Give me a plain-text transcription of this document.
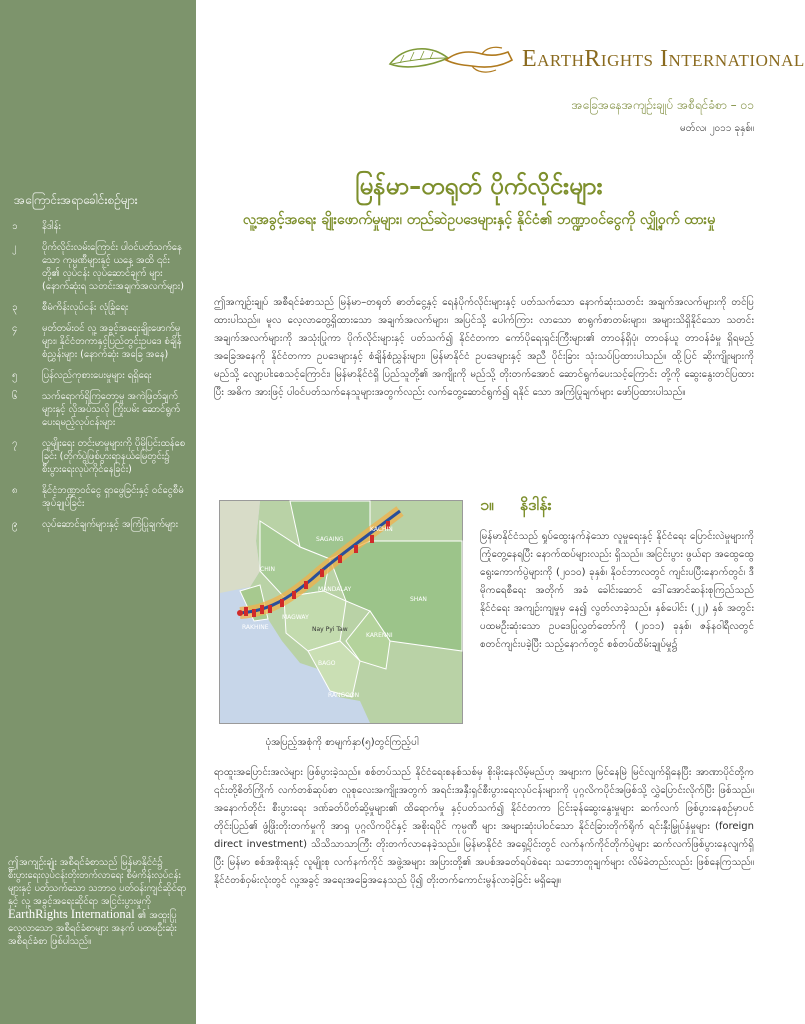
အကြောင်းအရာခေါင်းစဉ်များ
၁	နိဒါန်း
၂	ပိုက်လိုင်းလမ်းကြောင်း ပါဝင်ပတ်သက်နေသော ကုမ္ပဏီများနှင့် ယနေ့ အထိ ၎င်းတို့၏ လုပ်ငန်း လုပ်ဆောင်ချက် များ (နောက်ဆုံးရ သတင်းအချက်အလက်များ)
၃	စီမံကိန်းလုပ်ငန်း လုံခြုံရေး
၄	မှတ်တမ်းဝင် လူ့ အခွင့်အရေးချိုးဖောက်မှုများ၊ နိုင်ငံတကာနှင့်ပြည်တွင်းဥပဒေ စံချိန်စံညွှန်းများ (နောက်ဆုံး အခြေ အနေ)
၅	ပြန်လည်ကုစားပေးမှုများ ရရှိရေး
၆	သက်ရောက်ရှိကြတော့မူ အကဲဖြတ်ချက်များနှင့် လိုအပ်သလို ကြိုးပမ်း ဆောင်ရွက်ပေးရမည့်လုပ်ငန်းများ
၇	လူမျိုးရေး တင်းမာမှုများကို ပိုမိုပြင်းထန်စေခြင်း (တိုက်ပွဲဖြစ်ပွားရာနယ်မြေတွင်း၌ စီးပွားရေးလုပ်ကိုင်နေခြင်း)
၈	နိုင်ငံ့ဘဏ္ဍာဝင်ငွေ ရှာဖွေခြင်းနှင့် ဝင်ငွေစီမံအုပ်ချုပ်ခြင်း
၉	လုပ်ဆောင်ချက်များနှင့် အကြံပြုချက်များ
ဤအကျဉ်းချုံး အစီရင်ခံစာသည် မြန်မာနိုင်ငံ၌ စီးပွားရေးလုပ်ငန်းတိုးတက်လာရေး စီမံကိန်းလုပ်ငန်းများနှင့် ပတ်သက်သော သဘာဝ ပတ်ဝန်းကျင်ဆိုင်ရာနှင့် လူ့ အခွင့်အရေးဆိုင်ရာ အငြင်းပွားမှုကို EarthRights International ၏ အထူးပြု လေ့လာသော အစီရင်ခံစာများ အနက် ပထမဦးဆုံး အစီရင်ခံစာ ဖြစ်ပါသည်။
EarthRights International
အခြေအနေအကျဉ်းချုပ် အစီရင်ခံစာ – ၀၁
မတ်လ၊ ၂၀၁၁ ခုနှစ်။
မြန်မာ–တရုတ် ပိုက်လိုင်းများ
လူ့အခွင့်အရေး ချိုးဖောက်မှုများ၊ တည်ဆဲဥပဒေများနှင့် နိုင်ငံ၏ ဘဏ္ဍာဝင်ငွေကို လျှို့ဝှက် ထားမှု

ဤအကျဉ်းချုပ် အစီရင်ခံစာသည် မြန်မာ–တရုတ် ဓာတ်ငွေ့နှင့် ရေနံပိုက်လိုင်းများနှင့် ပတ်သက်သော နောက်ဆုံးသတင်း အချက်အလက်များကို တင်ပြထားပါသည်။ မူလ လေ့လာတွေ့ရှိထားသော အချက်အလက်များ၊ အပြင်သို့ ပေါက်ကြား လာသော စာရွက်စာတမ်းများ၊ အများသိရှိနိုင်သော သတင်းအချက်အလက်များကို အသုံးပြုကာ ပိုက်လိုင်းများနှင့် ပတ်သက်၍ နိုင်ငံတကာ ကော်ပိုရေးရှင်းကြီးများ၏ တာဝန်ရှိပုံ၊ တာဝန်ယူ တာဝန်ခံမှု ရှိရမည့်အခြေအနေကို နိုင်ငံတကာ ဥပဒေများနှင့် စံချိန်စံညွှန်းများ၊ မြန်မာနိုင်ငံ ဥပဒေများနှင့် အညီ ပိုင်းခြား သုံးသပ်ပြထားပါသည်။ ထို့ပြင် ဆိုးကျိုးများကို မည်သို့ လျော့ပါးစေသင့်ကြောင်း၊ မြန်မာနိုင်ငံရှိ ပြည်သူတို့၏ အကျိုးကို မည်သို့ တိုးတက်အောင် ဆောင်ရွက်ပေးသင့်ကြောင်း တို့ကို ဆွေးနွေးတင်ပြထားပြီး အဓိက အားဖြင့် ပါဝင်ပတ်သက်နေသူများအတွက်လည်း လက်တွေ့ဆောင်ရွက်၍ ရနိုင် သော အကြံပြုချက်များ ဖော်ပြထားပါသည်။

KACHIN
SAGAING
SHAN
MANDALAY
CHIN
MAGWAY
KARENNI
RAKHINE
BAGO
RANGOON
Nay Pyi Taw
ပုံအပြည့်အစုံကို စာမျက်နှာ(၅)တွင်ကြည့်ပါ
၁။ နိဒါန်း

မြန်မာနိုင်ငံသည် ရှုပ်ထွေးနက်နဲသော လူမှုရေးနှင့် နိုင်ငံရေး ပြောင်းလဲမှုများကို ကြုံတွေ့နေရပြီး နောက်ထပ်များလည်း ရှိသည်။ အငြင်းပွား ဖွယ်ရာ အထွေထွေ ရွေးကောက်ပွဲများကို (၂၀၁၀) ခုနှစ်၊ နိုဝင်ဘာလတွင် ကျင်းပပြီးနောက်တွင်၊ ဒီမိုကရေစီရေး အတိုက် အခံ ခေါင်းဆောင် ဒေါ်အောင်ဆန်းစုကြည်သည် နိုင်ငံရေး အကျဉ်းကျမှုမှ နေ၍ လွတ်လာခဲ့သည်။ နှစ်ပေါင်း (၂၂) နှစ် အတွင်း ပထမဦးဆုံးသော ဥပဒေပြုလွှတ်တော်ကို (၂၀၁၁) ခုနှစ်၊ ဇန်နဝါရီလတွင် စတင်ကျင်းပခဲ့ပြီး သည့်နောက်တွင် စစ်တပ်ထိမ်းချုပ်မှု၌

ရာထူးအပြောင်းအလဲများ ဖြစ်ပွားခဲ့သည်။ စစ်တပ်သည် နိုင်ငံရေးစနစ်သစ်မှ စိုးမိုးနေလိမ့်မည်ဟု အများက မြင်နေမြဲ မြင်လျက်ရှိနေပြီး အာဏာပိုင်တို့က ၎င်းတို့စိတ်ကြိုက် လက်တစ်ဆုပ်စာ လူစုလေးအကျိုးအတွက် အရင်းအနှီးရှင်စီးပွားရေးလုပ်ငန်းများကို ပုဂ္ဂလိကပိုင်အဖြစ်သို့ လွှဲပြောင်းလိုက်ပြီး ဖြစ်သည်။ အနောက်တိုင်း စီးပွားရေး ဒဏ်ခတ်ပိတ်ဆို့မှုများ၏ ထိရောက်မှု နှင့်ပတ်သက်၍ နိုင်ငံတကာ ငြင်းခုန်ဆွေးနွေးမှုများ ဆက်လက် ဖြစ်ပွားနေစဉ်မှာပင် တိုင်းပြည်၏ ဖွံ့ဖြိုးတိုးတက်မှုကို အာရှ ပုဂ္ဂလိကပိုင်နှင့် အစိုးရပိုင် ကုမ္ပဏီ များ အများဆုံးပါဝင်သော နိုင်ငံခြားတိုက်ရိုက် ရင်းနှီးမြှုပ်နှံမှုများ (foreign direct investment) သိသိသာသာကြီး တိုးတက်လာနေခဲ့သည်။ မြန်မာနိုင်ငံ အရှေ့ပိုင်းတွင် လက်နက်ကိုင်တိုက်ပွဲများ ဆက်လက်ဖြစ်ပွားနေလျက်ရှိပြီး မြန်မာ စစ်အစိုးရနှင့် လူမျိုးစု လက်နက်ကိုင် အဖွဲ့အများ အပြားတို့၏ အပစ်အခတ်ရပ်စဲရေး သဘောတူချက်များ လိမ်ခဲတည်းလည်း ဖြစ်နေကြသည်။ နိုင်ငံတစ်ဝှမ်းလုံးတွင် လူ့အခွင့် အရေးအခြေအနေသည် ပို၍ တိုးတက်ကောင်းမွန်လာခဲ့ခြင်း မရှိချေ။
